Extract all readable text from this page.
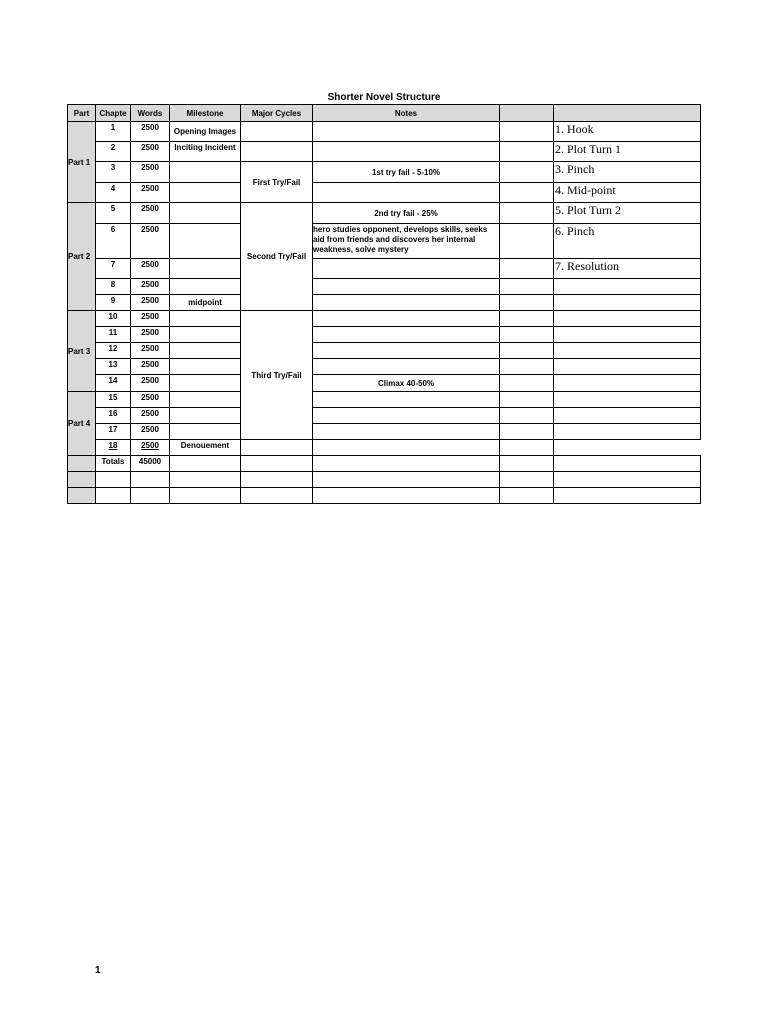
Shorter Novel Structure
Part	Chapte	Words	Milestone	Major Cycles	Notes		
Part 1	1	2500	Opening Images				1. Hook
	2	2500	Inciting Incident				2. Plot Turn 1
	3	2500		First Try/Fail	1st try fail - 5-10%		3. Pinch
	4	2500					4. Mid-point
Part 2	5	2500		Second Try/Fail	2nd try fail - 25%		5. Plot Turn 2
	6	2500			hero studies opponent, develops skills, seeks aid from friends and discovers her internal weakness, solve mystery		6. Pinch
	7	2500					7. Resolution
	8	2500					
	9	2500	midpoint				
Part 3	10	2500		Third Try/Fail			
	11	2500					
	12	2500					
	13	2500					
	14	2500			Climax 40-50%		
Part 4	15	2500					
	16	2500					
	17	2500					
	18	2500	Denouement				
	Totals	45000					

1
